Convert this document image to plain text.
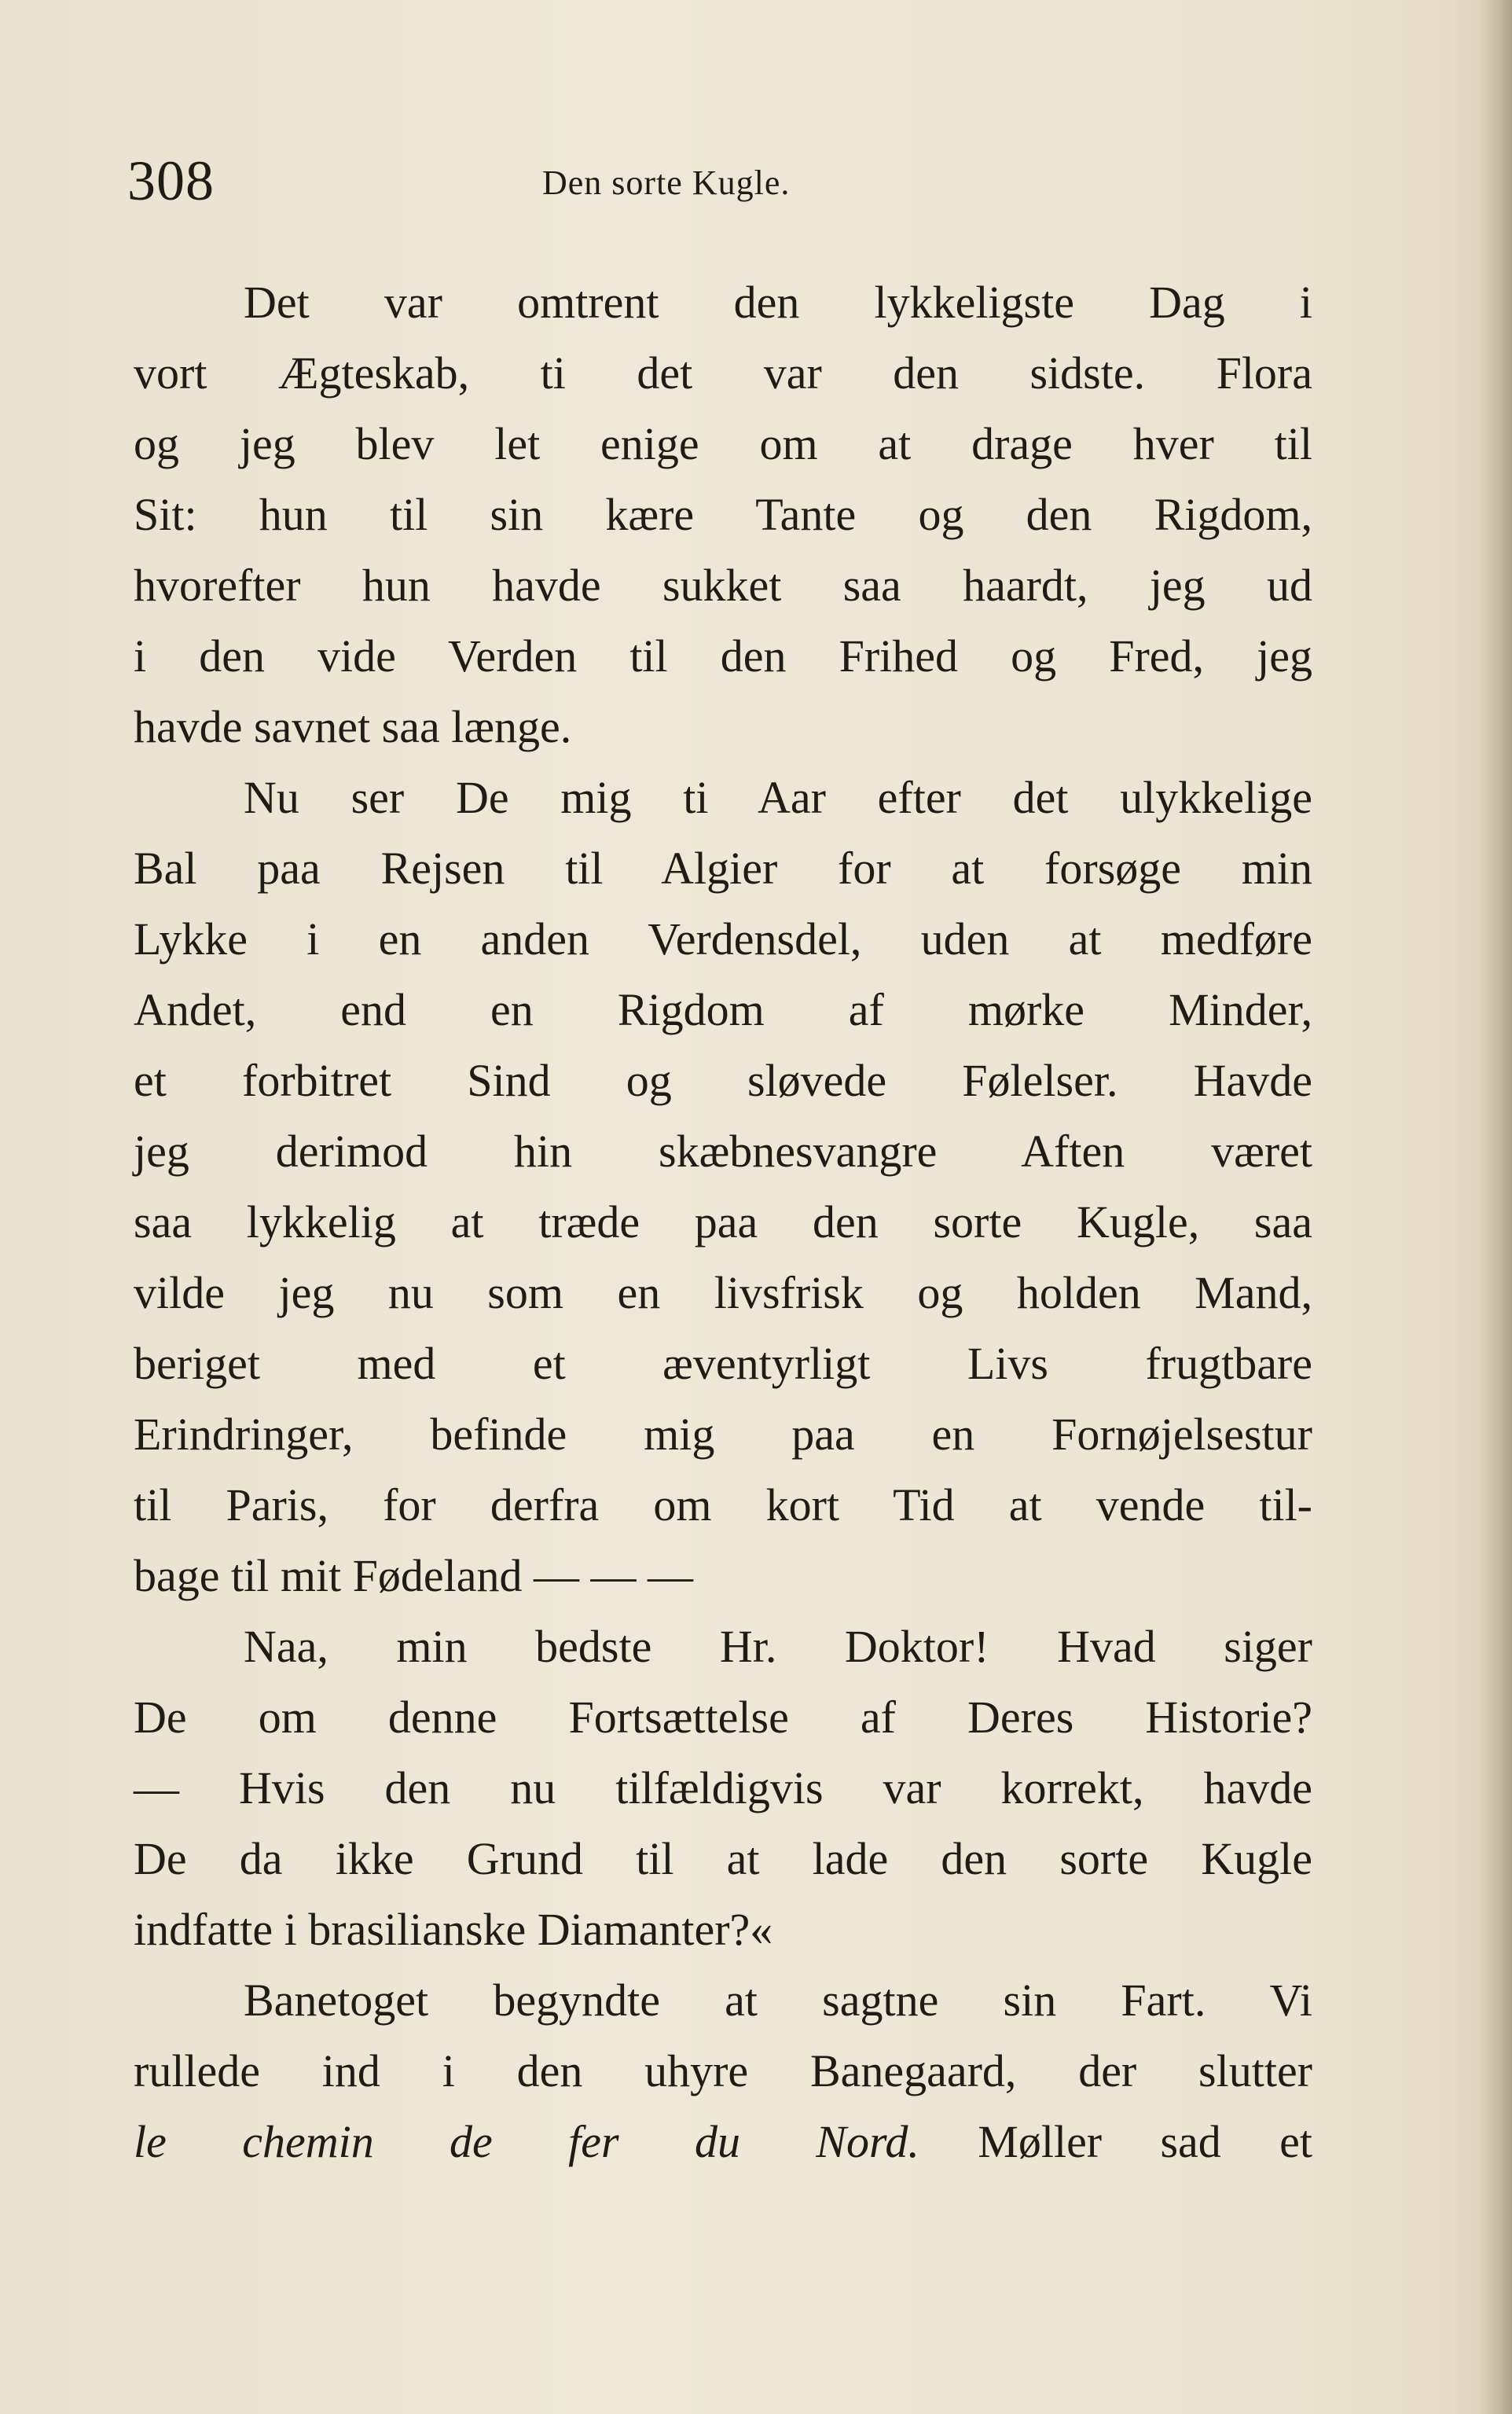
308	Den sorte Kugle.
Det var omtrent den lykkeligste Dag i
vort Ægteskab, ti det var den sidste. Flora
og jeg blev let enige om at drage hver til
Sit: hun til sin kære Tante og den Rigdom,
hvorefter hun havde sukket saa haardt, jeg ud
i den vide Verden til den Frihed og Fred, jeg
havde savnet saa længe.
Nu ser De mig ti Aar efter det ulykkelige
Bal paa Rejsen til Algier for at forsøge min
Lykke i en anden Verdensdel, uden at medføre
Andet, end en Rigdom af mørke Minder,
et forbitret Sind og sløvede Følelser. Havde
jeg derimod hin skæbnesvangre Aften været
saa lykkelig at træde paa den sorte Kugle, saa
vilde jeg nu som en livsfrisk og holden Mand,
beriget med et æventyrligt Livs frugtbare
Erindringer, befinde mig paa en Fornøjelsestur
til Paris, for derfra om kort Tid at vende til-
bage til mit Fødeland — — —
Naa, min bedste Hr. Doktor! Hvad siger
De om denne Fortsættelse af Deres Historie?
— Hvis den nu tilfældigvis var korrekt, havde
De da ikke Grund til at lade den sorte Kugle
indfatte i brasilianske Diamanter?«
Banetoget begyndte at sagtne sin Fart. Vi
rullede ind i den uhyre Banegaard, der slutter
le chemin de fer du Nord. Møller sad et
